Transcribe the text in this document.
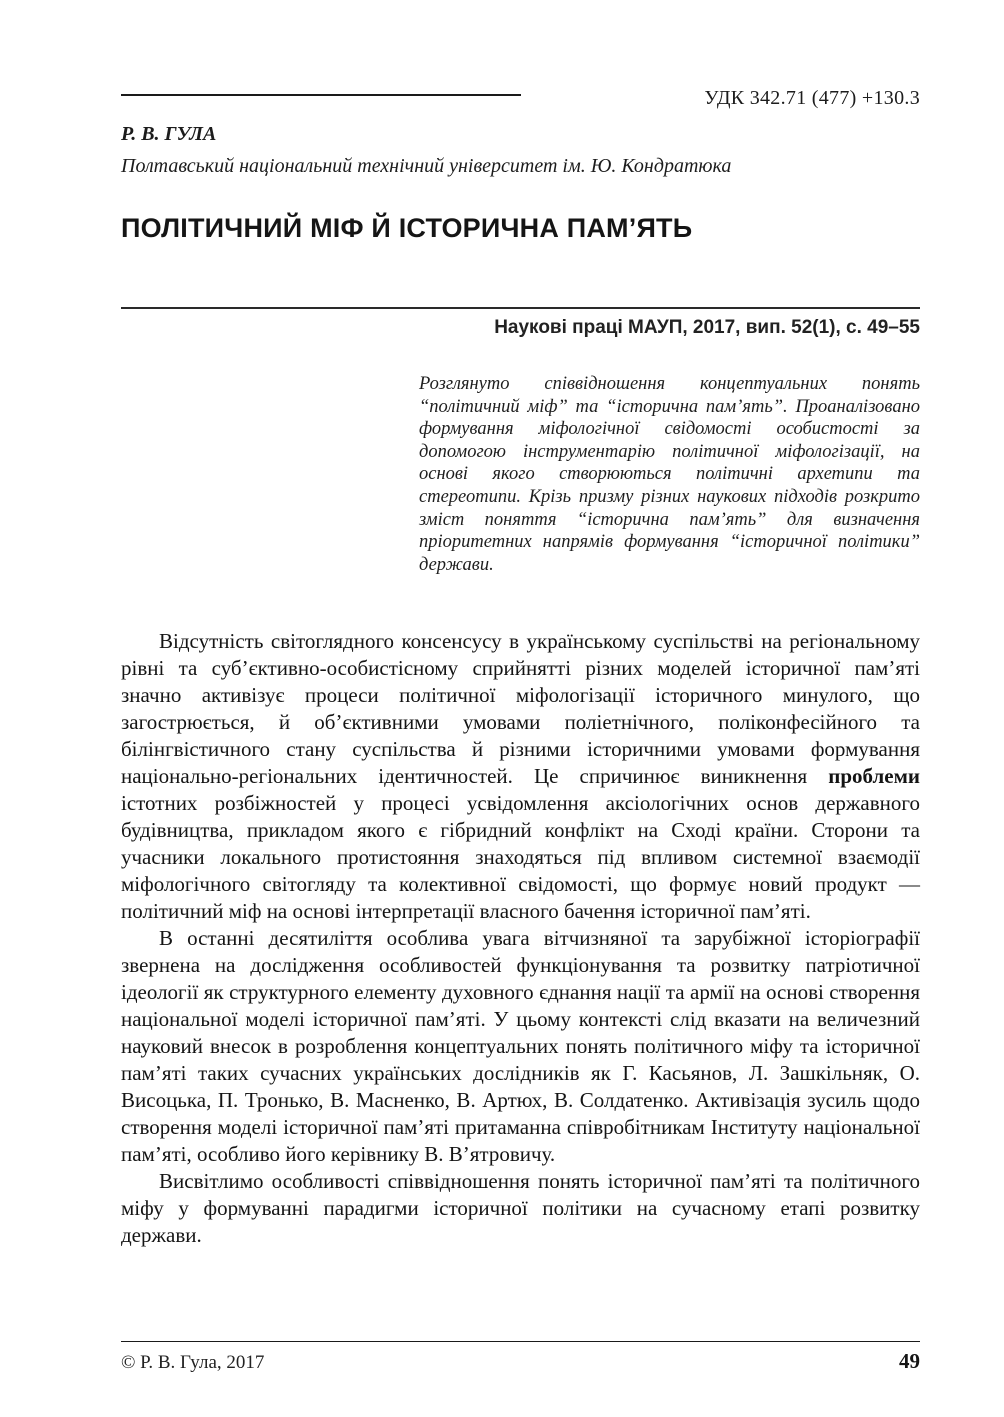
УДК 342.71 (477) +130.3
Р. В. ГУЛА
Полтавський національний технічний університет ім. Ю. Кондратюка
ПОЛІТИЧНИЙ МІФ Й ІСТОРИЧНА ПАМ’ЯТЬ
Наукові праці МАУП, 2017, вип. 52(1), с. 49–55
Розглянуто співвідношення концептуальних понять “політичний міф” та “історична пам’ять”. Проаналізовано формування міфологічної свідомості особистості за допомогою інструментарію політичної міфологізації, на основі якого створюються політичні архетипи та стереотипи. Крізь призму різних наукових підходів розкрито зміст поняття “історична пам’ять” для визначення пріоритетних напрямів формування “історичної політики” держави.

Відсутність світоглядного консенсусу в українському суспільстві на регіональному рівні та суб’єктивно-особистісному сприйнятті різних моделей історичної пам’яті значно активізує процеси політичної міфологізації історичного минулого, що загострюється, й об’єктивними умовами поліетнічного, поліконфесійного та білінгвістичного стану суспільства й різними історичними умовами формування національно-регіональних ідентичностей. Це спричинює виникнення проблеми істотних розбіжностей у процесі усвідомлення аксіологічних основ державного будівництва, прикладом якого є гібридний конфлікт на Сході країни. Сторони та учасники локального протистояння знаходяться під впливом системної взаємодії міфологічного світогляду та колективної свідомості, що формує новий продукт — політичний міф на основі інтерпретації власного бачення історичної пам’яті.

В останні десятиліття особлива увага вітчизняної та зарубіжної історіографії звернена на дослідження особливостей функціонування та розвитку патріотичної ідеології як структурного елементу духовного єднання нації та армії на основі створення національної моделі історичної пам’яті. У цьому контексті слід вказати на величезний науковий внесок в розроблення концептуальних понять політичного міфу та історичної пам’яті таких сучасних українських дослідників як Г. Касьянов, Л. Зашкільняк, О. Висоцька, П. Тронько, В. Масненко, В. Артюх, В. Солдатенко. Активізація зусиль щодо створення моделі історичної пам’яті притаманна співробітникам Інституту національної пам’яті, особливо його керівнику В. В’ятровичу.

Висвітлимо особливості співвідношення понять історичної пам’яті та політичного міфу у формуванні парадигми історичної політики на сучасному етапі розвитку держави.

© Р. В. Гула, 2017	49
